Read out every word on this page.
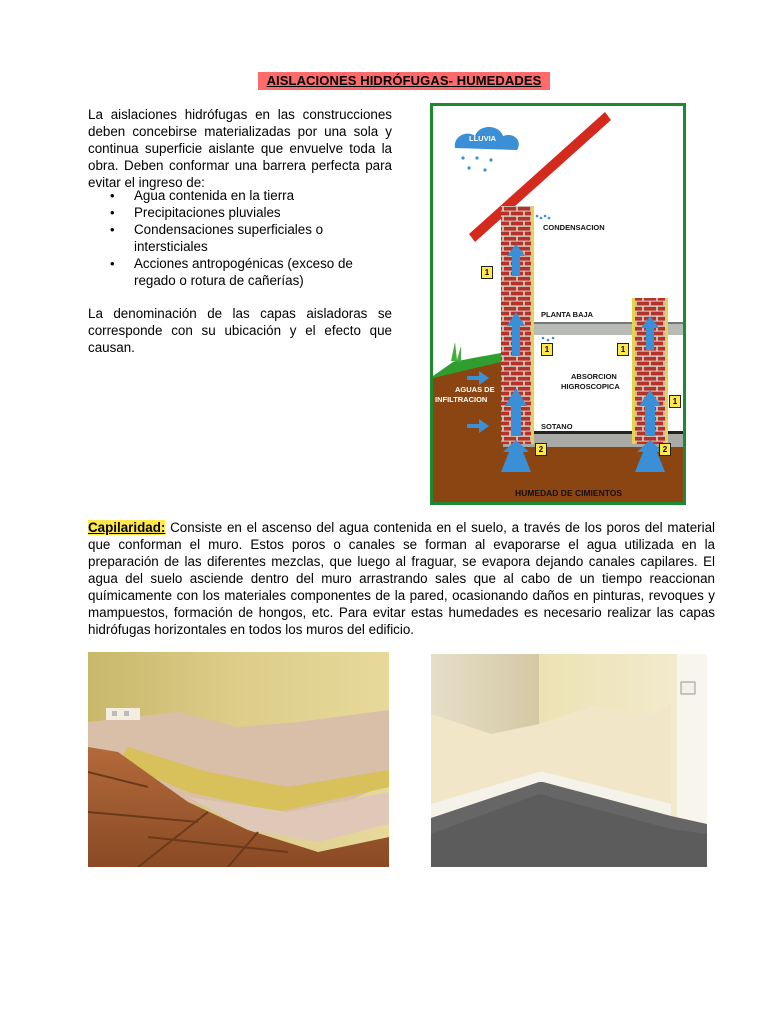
AISLACIONES HIDRÓFUGAS- HUMEDADES

La aislaciones hidrófugas en las construcciones deben concebirse materializadas por una sola y continua superficie aislante que envuelve toda la obra. Deben conformar una barrera perfecta para evitar el ingreso de:

• Agua contenida en la tierra
• Precipitaciones pluviales
• Condensaciones superficiales o intersticiales
• Acciones antropogénicas (exceso de regado o rotura de cañerías)

La denominación de las capas aisladoras se corresponde con su ubicación y el efecto que causan.

LLUVIA
CONDENSACION
PLANTA BAJA
ABSORCION
HIGROSCOPICA
AGUAS DE
INFILTRACION
SOTANO
HUMEDAD DE CIMIENTOS
1
1	1
1
2	2

Capilaridad: Consiste en el ascenso del agua contenida en el suelo, a través de los poros del material que conforman el muro. Estos poros o canales se forman al evaporarse el agua utilizada en la preparación de las diferentes mezclas, que luego al fraguar, se evapora dejando canales capilares. El agua del suelo asciende dentro del muro arrastrando sales que al cabo de un tiempo reaccionan químicamente con los materiales componentes de la pared, ocasionando daños en pinturas, revoques y mampuestos, formación de hongos, etc. Para evitar estas humedades es necesario realizar las capas hidrófugas horizontales en todos los muros del edificio.
